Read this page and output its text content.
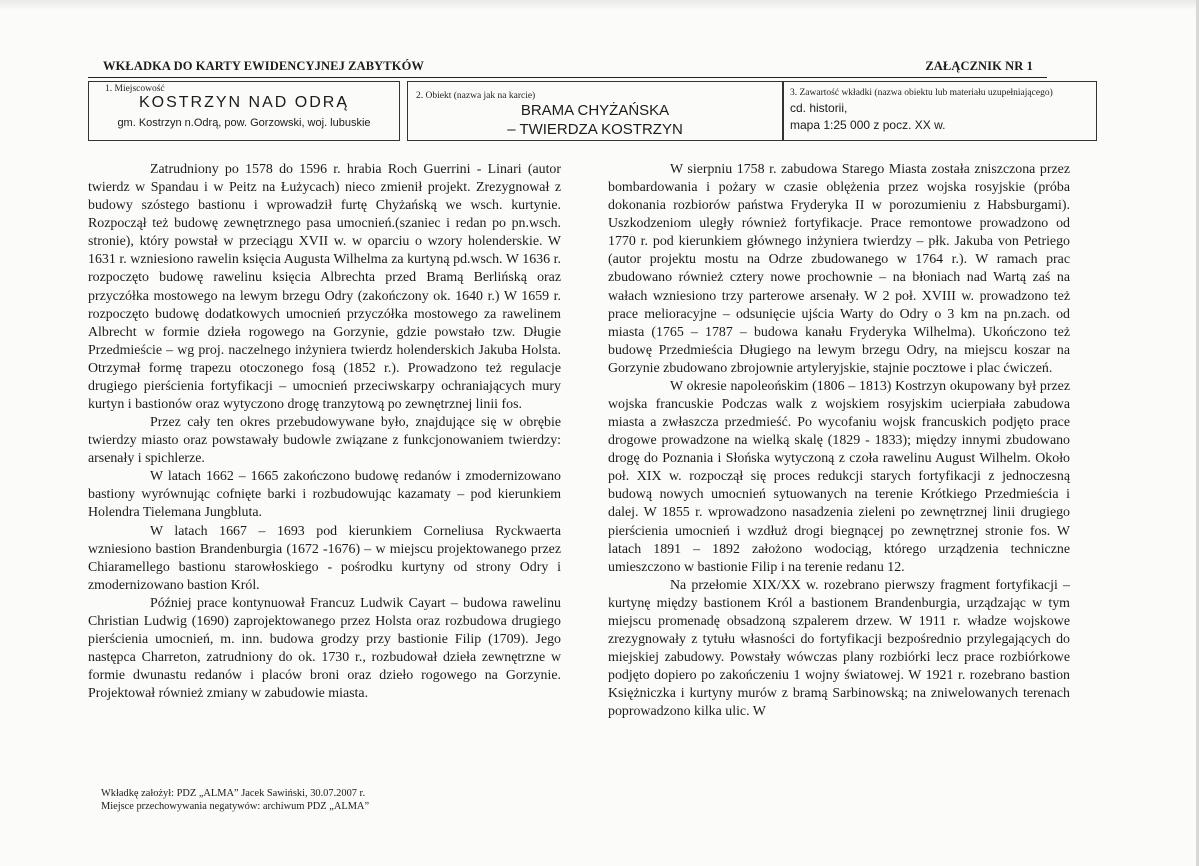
WKŁADKA DO KARTY EWIDENCYJNEJ ZABYTKÓW	ZAŁĄCZNIK NR 1
1. Miejscowość
KOSTRZYN NAD ODRĄ
gm. Kostrzyn n.Odrą, pow. Gorzowski, woj. lubuskie
2. Obiekt (nazwa jak na karcie)
BRAMA CHYŻAŃSKA
– TWIERDZA KOSTRZYN
3. Zawartość wkładki (nazwa obiektu lub materiału uzupełniającego)
cd. historii,
mapa 1:25 000 z pocz. XX w.

Zatrudniony po 1578 do 1596 r. hrabia Roch Guerrini - Linari (autor twierdz w Spandau i w Peitz na Łużycach) nieco zmienił projekt. Zrezygnował z budowy szóstego bastionu i wprowadził furtę Chyżańską we wsch. kurtynie. Rozpoczął też budowę zewnętrznego pasa umocnień.(szaniec i redan po pn.wsch. stronie), który powstał w przeciągu XVII w. w oparciu o wzory holenderskie. W 1631 r. wzniesiono rawelin księcia Augusta Wilhelma za kurtyną pd.wsch. W 1636 r. rozpoczęto budowę rawelinu księcia Albrechta przed Bramą Berlińską oraz przyczółka mostowego na lewym brzegu Odry (zakończony ok. 1640 r.) W 1659 r. rozpoczęto budowę dodatkowych umocnień przyczółka mostowego za rawelinem Albrecht w formie dzieła rogowego na Gorzynie, gdzie powstało tzw. Długie Przedmieście – wg proj. naczelnego inżyniera twierdz holenderskich Jakuba Holsta. Otrzymał formę trapezu otoczonego fosą (1852 r.). Prowadzono też regulacje drugiego pierścienia fortyfikacji – umocnień przeciwskarpy ochraniających mury kurtyn i bastionów oraz wytyczono drogę tranzytową po zewnętrznej linii fos.

Przez cały ten okres przebudowywane było, znajdujące się w obrębie twierdzy miasto oraz powstawały budowle związane z funkcjonowaniem twierdzy: arsenały i spichlerze.

W latach 1662 – 1665 zakończono budowę redanów i zmodernizowano bastiony wyrównując cofnięte barki i rozbudowując kazamaty – pod kierunkiem Holendra Tielemana Jungbluta.

W latach 1667 – 1693 pod kierunkiem Corneliusa Ryckwaerta wzniesiono bastion Brandenburgia (1672 -1676) – w miejscu projektowanego przez Chiaramellego bastionu starowłoskiego - pośrodku kurtyny od strony Odry i zmodernizowano bastion Król.

Później prace kontynuował Francuz Ludwik Cayart – budowa rawelinu Christian Ludwig (1690) zaprojektowanego przez Holsta oraz rozbudowa drugiego pierścienia umocnień, m. inn. budowa grodzy przy bastionie Filip (1709). Jego następca Charreton, zatrudniony do ok. 1730 r., rozbudował dzieła zewnętrzne w formie dwunastu redanów i placów broni oraz dzieło rogowego na Gorzynie. Projektował również zmiany w zabudowie miasta.

W sierpniu 1758 r. zabudowa Starego Miasta została zniszczona przez bombardowania i pożary w czasie oblężenia przez wojska rosyjskie (próba dokonania rozbiorów państwa Fryderyka II w porozumieniu z Habsburgami). Uszkodzeniom uległy również fortyfikacje. Prace remontowe prowadzono od 1770 r. pod kierunkiem głównego inżyniera twierdzy – płk. Jakuba von Petriego (autor projektu mostu na Odrze zbudowanego w 1764 r.). W ramach prac zbudowano również cztery nowe prochownie – na błoniach nad Wartą zaś na wałach wzniesiono trzy parterowe arsenały. W 2 poł. XVIII w. prowadzono też prace melioracyjne – odsunięcie ujścia Warty do Odry o 3 km na pn.zach. od miasta (1765 – 1787 – budowa kanału Fryderyka Wilhelma). Ukończono też budowę Przedmieścia Długiego na lewym brzegu Odry, na miejscu koszar na Gorzynie zbudowano zbrojownie artyleryjskie, stajnie pocztowe i plac ćwiczeń.

W okresie napoleońskim (1806 – 1813) Kostrzyn okupowany był przez wojska francuskie Podczas walk z wojskiem rosyjskim ucierpiała zabudowa miasta a zwłaszcza przedmieść. Po wycofaniu wojsk francuskich podjęto prace drogowe prowadzone na wielką skalę (1829 - 1833); między innymi zbudowano drogę do Poznania i Słońska wytyczoną z czoła rawelinu August Wilhelm. Około poł. XIX w. rozpoczął się proces redukcji starych fortyfikacji z jednoczesną budową nowych umocnień sytuowanych na terenie Krótkiego Przedmieścia i dalej. W 1855 r. wprowadzono nasadzenia zieleni po zewnętrznej linii drugiego pierścienia umocnień i wzdłuż drogi biegnącej po zewnętrznej stronie fos. W latach 1891 – 1892 założono wodociąg, którego urządzenia techniczne umieszczono w bastionie Filip i na terenie redanu 12.

Na przełomie XIX/XX w. rozebrano pierwszy fragment fortyfikacji – kurtynę między bastionem Król a bastionem Brandenburgia, urządzając w tym miejscu promenadę obsadzoną szpalerem drzew. W 1911 r. władze wojskowe zrezygnowały z tytułu własności do fortyfikacji bezpośrednio przylegających do miejskiej zabudowy. Powstały wówczas plany rozbiórki lecz prace rozbiórkowe podjęto dopiero po zakończeniu 1 wojny światowej. W 1921 r. rozebrano bastion Księżniczka i kurtyny murów z bramą Sarbinowską; na zniwelowanych terenach poprowadzono kilka ulic. W

Wkładkę założył: PDZ „ALMA” Jacek Sawiński, 30.07.2007 r.
Miejsce przechowywania negatywów: archiwum PDZ „ALMA”
